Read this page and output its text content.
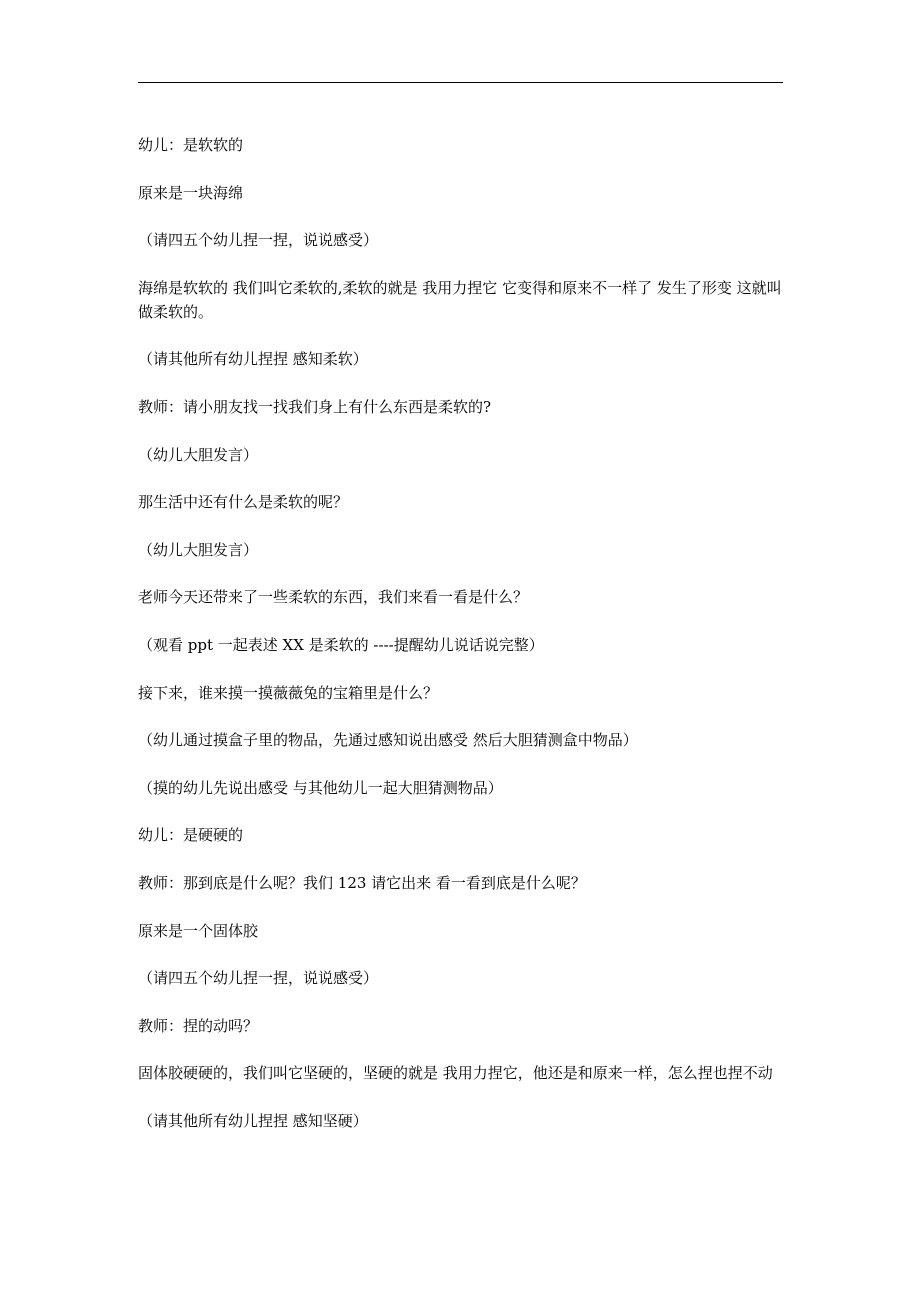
幼儿：是软软的

原来是一块海绵

（请四五个幼儿捏一捏，说说感受）

海绵是软软的 我们叫它柔软的,柔软的就是 我用力捏它 它变得和原来不一样了 发生了形变 这就叫做柔软的。

（请其他所有幼儿捏捏 感知柔软）

教师：请小朋友找一找我们身上有什么东西是柔软的?

（幼儿大胆发言）

那生活中还有什么是柔软的呢？

（幼儿大胆发言）

老师今天还带来了一些柔软的东西，我们来看一看是什么？

（观看 ppt 一起表述 XX 是柔软的 ----提醒幼儿说话说完整）

接下来，谁来摸一摸薇薇兔的宝箱里是什么？

（幼儿通过摸盒子里的物品，先通过感知说出感受 然后大胆猜测盒中物品）

（摸的幼儿先说出感受 与其他幼儿一起大胆猜测物品）

幼儿：是硬硬的

教师：那到底是什么呢？我们 123 请它出来 看一看到底是什么呢？

原来是一个固体胶

（请四五个幼儿捏一捏，说说感受）

教师：捏的动吗？

固体胶硬硬的，我们叫它坚硬的，坚硬的就是 我用力捏它，他还是和原来一样，怎么捏也捏不动

（请其他所有幼儿捏捏 感知坚硬）
